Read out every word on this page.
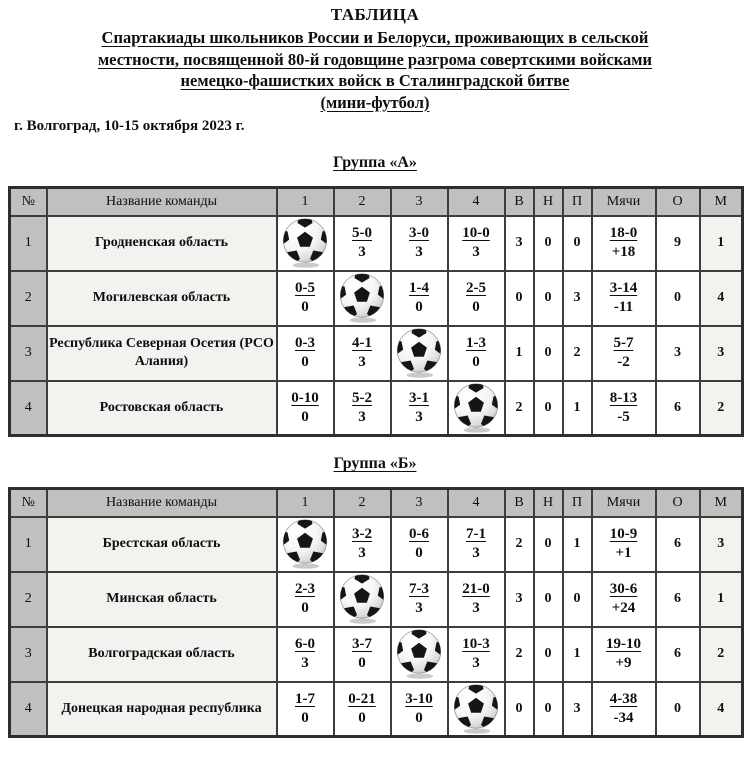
ТАБЛИЦА
Спартакиады школьников России и Белоруси, проживающих в сельской
местности, посвященной 80-й годовщине разгрома совертскими войсками
немецко-фашистких войск в Сталинградской битве
(мини-футбол)
г. Волгоград, 10-15 октября 2023 г.
Группа «А»
№	Название команды	1	2	3	4	В	Н	П	Мячи	О	М
1	Гродненская область		$\frac{5-0}{3}$	$\frac{3-0}{3}$	$\frac{10-0}{3}$	3	0	0	$\frac{18-0}{+18}$	9	1
2	Могилевская область	$\frac{0-5}{0}$		$\frac{1-4}{0}$	$\frac{2-5}{0}$	0	0	3	$\frac{3-14}{-11}$	0	4
3	Республика Северная Осетия (РСО Алания)	$\frac{0-3}{0}$	$\frac{4-1}{3}$		$\frac{1-3}{0}$	1	0	2	$\frac{5-7}{-2}$	3	3
4	Ростовская область	$\frac{0-10}{0}$	$\frac{5-2}{3}$	$\frac{3-1}{3}$		2	0	1	$\frac{8-13}{-5}$	6	2
Группа «Б»
№	Название команды	1	2	3	4	В	Н	П	Мячи	О	М
1	Брестская область		$\frac{3-2}{3}$	$\frac{0-6}{0}$	$\frac{7-1}{3}$	2	0	1	$\frac{10-9}{+1}$	6	3
2	Минская область	$\frac{2-3}{0}$		$\frac{7-3}{3}$	$\frac{21-0}{3}$	3	0	0	$\frac{30-6}{+24}$	6	1
3	Волгоградская область	$\frac{6-0}{3}$	$\frac{3-7}{0}$		$\frac{10-3}{3}$	2	0	1	$\frac{19-10}{+9}$	6	2
4	Донецкая народная республика	$\frac{1-7}{0}$	$\frac{0-21}{0}$	$\frac{3-10}{0}$		0	0	3	$\frac{4-38}{-34}$	0	4
